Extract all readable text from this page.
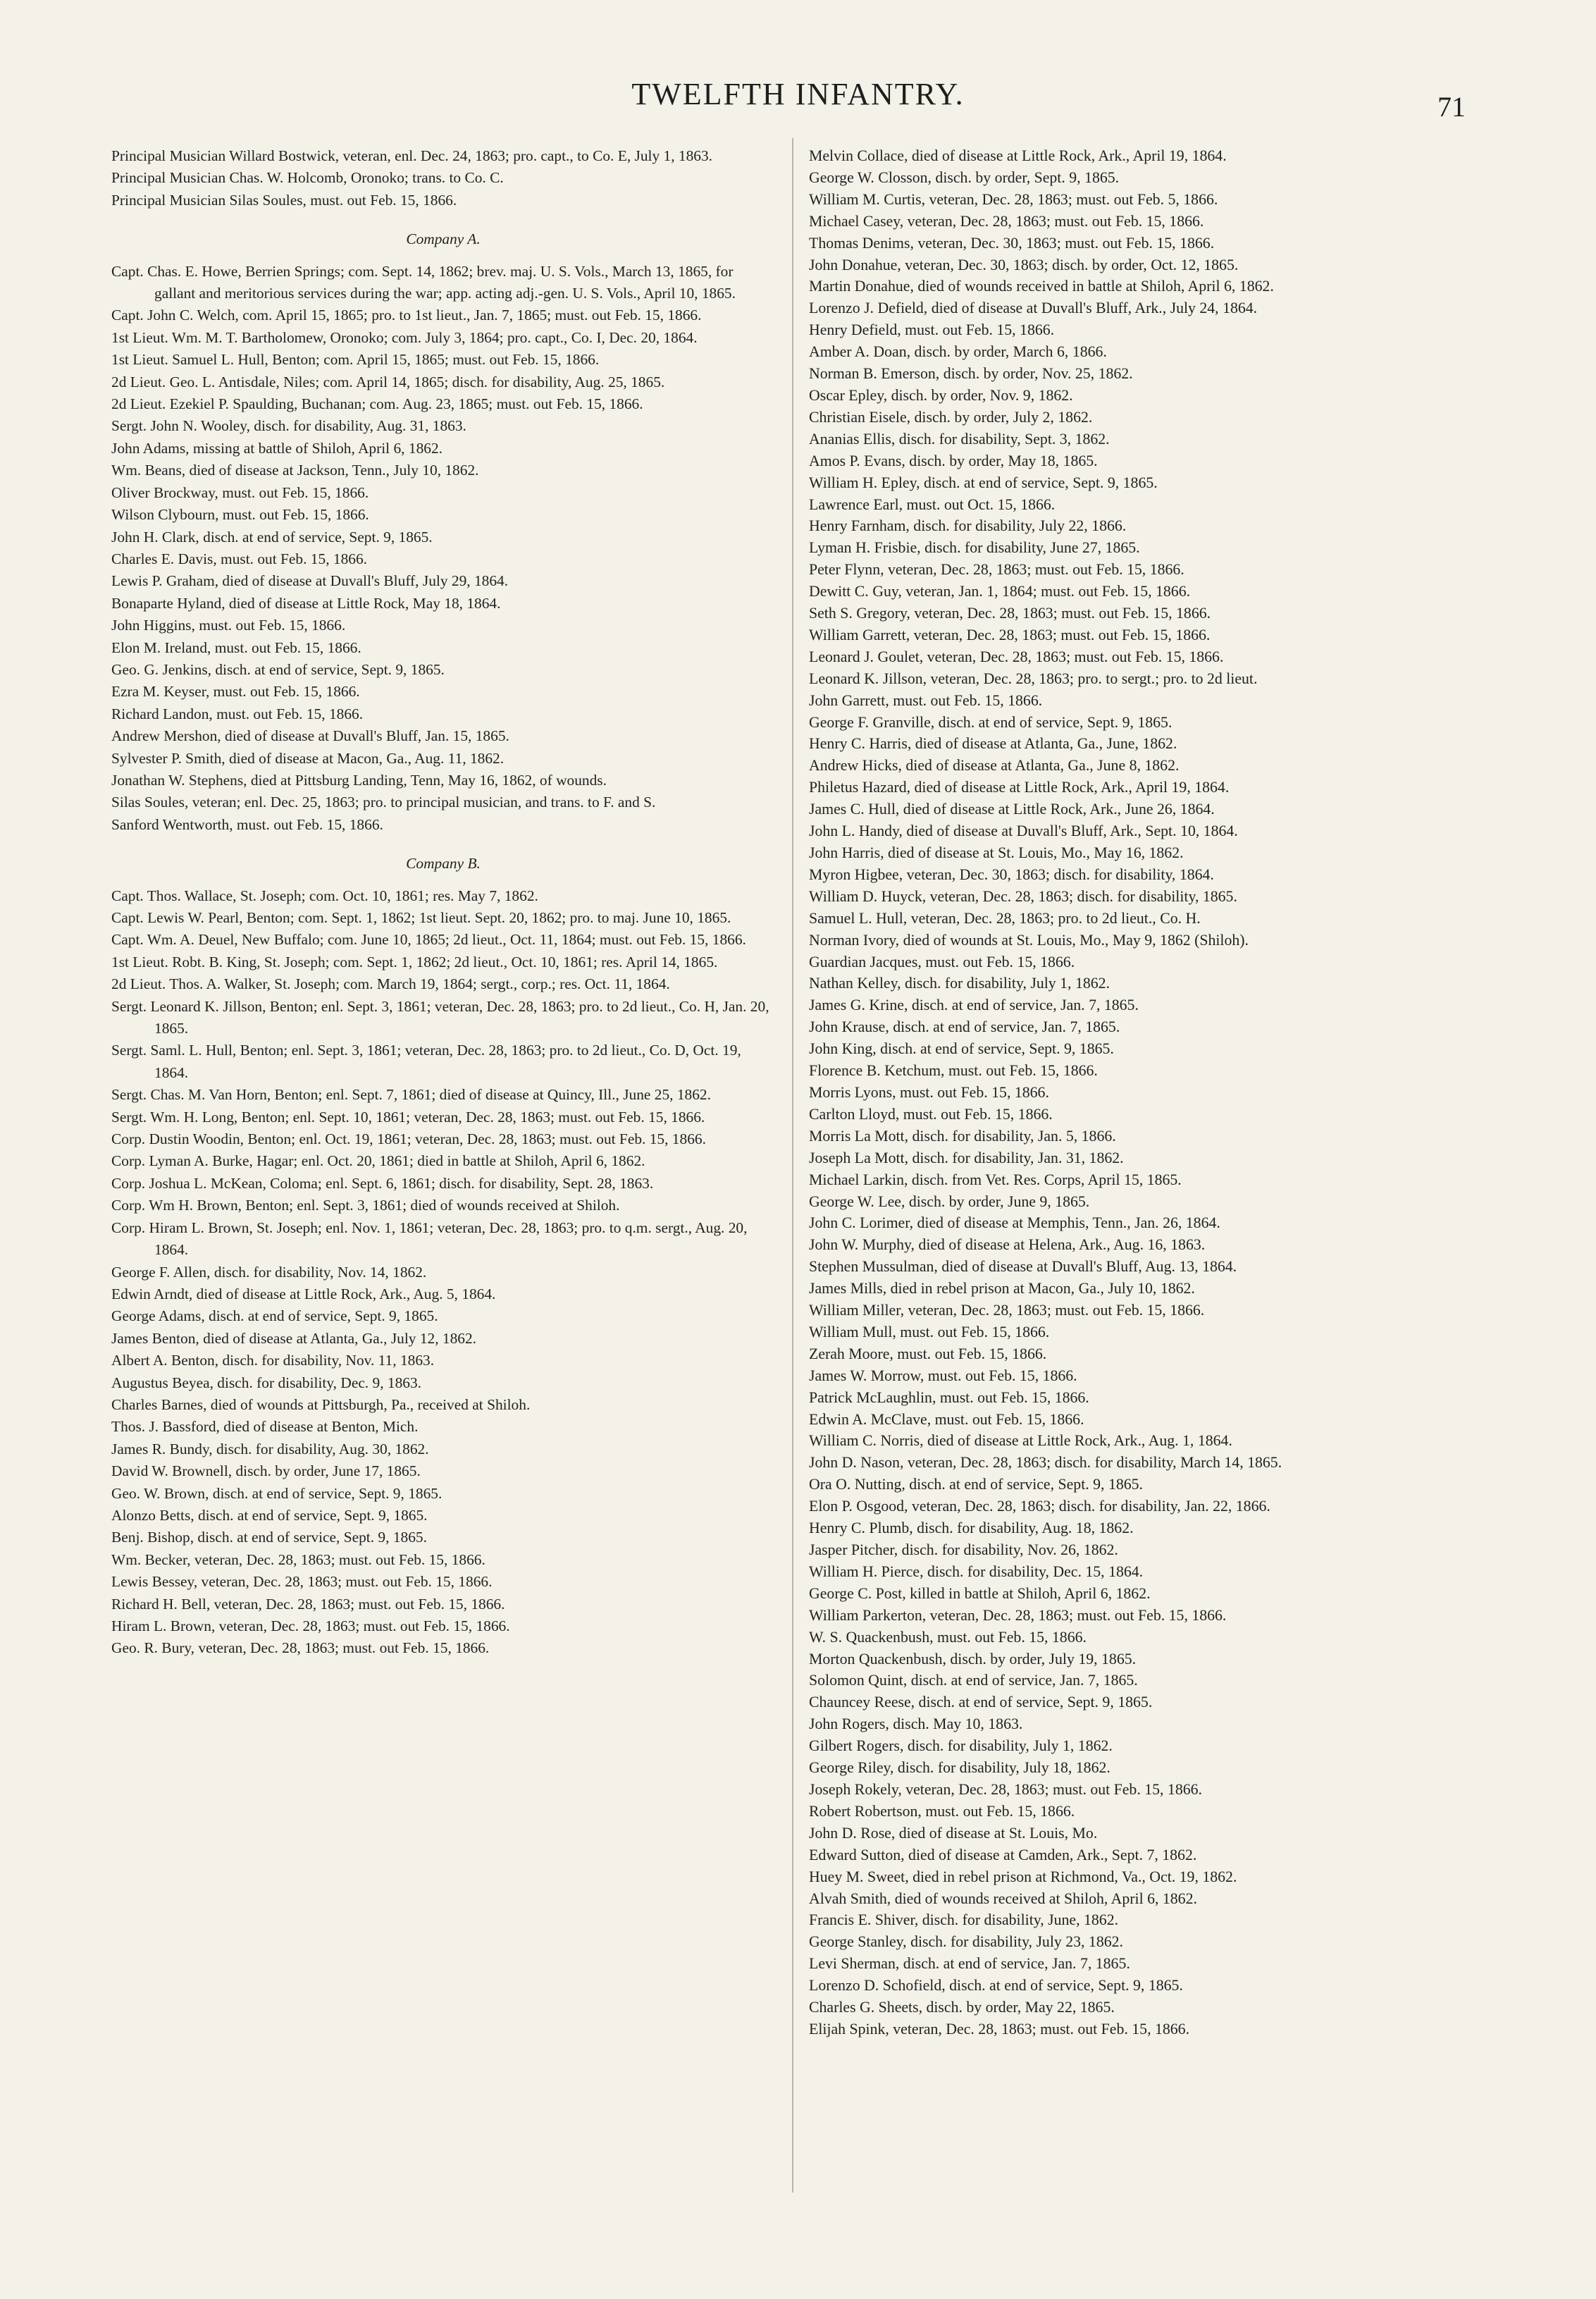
TWELFTH INFANTRY.	71

Principal Musician Willard Bostwick, veteran, enl. Dec. 24, 1863; pro. capt., to Co. E, July 1, 1863.

Principal Musician Chas. W. Holcomb, Oronoko; trans. to Co. C.

Principal Musician Silas Soules, must. out Feb. 15, 1866.

Company A.

Capt. Chas. E. Howe, Berrien Springs; com. Sept. 14, 1862; brev. maj. U. S. Vols., March 13, 1865, for gallant and meritorious services during the war; app. acting adj.-gen. U. S. Vols., April 10, 1865.

Capt. John C. Welch, com. April 15, 1865; pro. to 1st lieut., Jan. 7, 1865; must. out Feb. 15, 1866.

1st Lieut. Wm. M. T. Bartholomew, Oronoko; com. July 3, 1864; pro. capt., Co. I, Dec. 20, 1864.

1st Lieut. Samuel L. Hull, Benton; com. April 15, 1865; must. out Feb. 15, 1866.

2d Lieut. Geo. L. Antisdale, Niles; com. April 14, 1865; disch. for disability, Aug. 25, 1865.

2d Lieut. Ezekiel P. Spaulding, Buchanan; com. Aug. 23, 1865; must. out Feb. 15, 1866.

Sergt. John N. Wooley, disch. for disability, Aug. 31, 1863.

John Adams, missing at battle of Shiloh, April 6, 1862.

Wm. Beans, died of disease at Jackson, Tenn., July 10, 1862.

Oliver Brockway, must. out Feb. 15, 1866.

Wilson Clybourn, must. out Feb. 15, 1866.

John H. Clark, disch. at end of service, Sept. 9, 1865.

Charles E. Davis, must. out Feb. 15, 1866.

Lewis P. Graham, died of disease at Duvall's Bluff, July 29, 1864.

Bonaparte Hyland, died of disease at Little Rock, May 18, 1864.

John Higgins, must. out Feb. 15, 1866.

Elon M. Ireland, must. out Feb. 15, 1866.

Geo. G. Jenkins, disch. at end of service, Sept. 9, 1865.

Ezra M. Keyser, must. out Feb. 15, 1866.

Richard Landon, must. out Feb. 15, 1866.

Andrew Mershon, died of disease at Duvall's Bluff, Jan. 15, 1865.

Sylvester P. Smith, died of disease at Macon, Ga., Aug. 11, 1862.

Jonathan W. Stephens, died at Pittsburg Landing, Tenn, May 16, 1862, of wounds.

Silas Soules, veteran; enl. Dec. 25, 1863; pro. to principal musician, and trans. to F. and S.

Sanford Wentworth, must. out Feb. 15, 1866.

Company B.

Capt. Thos. Wallace, St. Joseph; com. Oct. 10, 1861; res. May 7, 1862.

Capt. Lewis W. Pearl, Benton; com. Sept. 1, 1862; 1st lieut. Sept. 20, 1862; pro. to maj. June 10, 1865.

Capt. Wm. A. Deuel, New Buffalo; com. June 10, 1865; 2d lieut., Oct. 11, 1864; must. out Feb. 15, 1866.

1st Lieut. Robt. B. King, St. Joseph; com. Sept. 1, 1862; 2d lieut., Oct. 10, 1861; res. April 14, 1865.

2d Lieut. Thos. A. Walker, St. Joseph; com. March 19, 1864; sergt., corp.; res. Oct. 11, 1864.

Sergt. Leonard K. Jillson, Benton; enl. Sept. 3, 1861; veteran, Dec. 28, 1863; pro. to 2d lieut., Co. H, Jan. 20, 1865.

Sergt. Saml. L. Hull, Benton; enl. Sept. 3, 1861; veteran, Dec. 28, 1863; pro. to 2d lieut., Co. D, Oct. 19, 1864.

Sergt. Chas. M. Van Horn, Benton; enl. Sept. 7, 1861; died of disease at Quincy, Ill., June 25, 1862.

Sergt. Wm. H. Long, Benton; enl. Sept. 10, 1861; veteran, Dec. 28, 1863; must. out Feb. 15, 1866.

Corp. Dustin Woodin, Benton; enl. Oct. 19, 1861; veteran, Dec. 28, 1863; must. out Feb. 15, 1866.

Corp. Lyman A. Burke, Hagar; enl. Oct. 20, 1861; died in battle at Shiloh, April 6, 1862.

Corp. Joshua L. McKean, Coloma; enl. Sept. 6, 1861; disch. for disability, Sept. 28, 1863.

Corp. Wm H. Brown, Benton; enl. Sept. 3, 1861; died of wounds received at Shiloh.

Corp. Hiram L. Brown, St. Joseph; enl. Nov. 1, 1861; veteran, Dec. 28, 1863; pro. to q.m. sergt., Aug. 20, 1864.

George F. Allen, disch. for disability, Nov. 14, 1862.

Edwin Arndt, died of disease at Little Rock, Ark., Aug. 5, 1864.

George Adams, disch. at end of service, Sept. 9, 1865.

James Benton, died of disease at Atlanta, Ga., July 12, 1862.

Albert A. Benton, disch. for disability, Nov. 11, 1863.

Augustus Beyea, disch. for disability, Dec. 9, 1863.

Charles Barnes, died of wounds at Pittsburgh, Pa., received at Shiloh.

Thos. J. Bassford, died of disease at Benton, Mich.

James R. Bundy, disch. for disability, Aug. 30, 1862.

David W. Brownell, disch. by order, June 17, 1865.

Geo. W. Brown, disch. at end of service, Sept. 9, 1865.

Alonzo Betts, disch. at end of service, Sept. 9, 1865.

Benj. Bishop, disch. at end of service, Sept. 9, 1865.

Wm. Becker, veteran, Dec. 28, 1863; must. out Feb. 15, 1866.

Lewis Bessey, veteran, Dec. 28, 1863; must. out Feb. 15, 1866.

Richard H. Bell, veteran, Dec. 28, 1863; must. out Feb. 15, 1866.

Hiram L. Brown, veteran, Dec. 28, 1863; must. out Feb. 15, 1866.

Geo. R. Bury, veteran, Dec. 28, 1863; must. out Feb. 15, 1866.

Melvin Collace, died of disease at Little Rock, Ark., April 19, 1864.

George W. Closson, disch. by order, Sept. 9, 1865.

William M. Curtis, veteran, Dec. 28, 1863; must. out Feb. 5, 1866.

Michael Casey, veteran, Dec. 28, 1863; must. out Feb. 15, 1866.

Thomas Denims, veteran, Dec. 30, 1863; must. out Feb. 15, 1866.

John Donahue, veteran, Dec. 30, 1863; disch. by order, Oct. 12, 1865.

Martin Donahue, died of wounds received in battle at Shiloh, April 6, 1862.

Lorenzo J. Defield, died of disease at Duvall's Bluff, Ark., July 24, 1864.

Henry Defield, must. out Feb. 15, 1866.

Amber A. Doan, disch. by order, March 6, 1866.

Norman B. Emerson, disch. by order, Nov. 25, 1862.

Oscar Epley, disch. by order, Nov. 9, 1862.

Christian Eisele, disch. by order, July 2, 1862.

Ananias Ellis, disch. for disability, Sept. 3, 1862.

Amos P. Evans, disch. by order, May 18, 1865.

William H. Epley, disch. at end of service, Sept. 9, 1865.

Lawrence Earl, must. out Oct. 15, 1866.

Henry Farnham, disch. for disability, July 22, 1866.

Lyman H. Frisbie, disch. for disability, June 27, 1865.

Peter Flynn, veteran, Dec. 28, 1863; must. out Feb. 15, 1866.

Dewitt C. Guy, veteran, Jan. 1, 1864; must. out Feb. 15, 1866.

Seth S. Gregory, veteran, Dec. 28, 1863; must. out Feb. 15, 1866.

William Garrett, veteran, Dec. 28, 1863; must. out Feb. 15, 1866.

Leonard J. Goulet, veteran, Dec. 28, 1863; must. out Feb. 15, 1866.

Leonard K. Jillson, veteran, Dec. 28, 1863; pro. to sergt.; pro. to 2d lieut.

John Garrett, must. out Feb. 15, 1866.

George F. Granville, disch. at end of service, Sept. 9, 1865.

Henry C. Harris, died of disease at Atlanta, Ga., June, 1862.

Andrew Hicks, died of disease at Atlanta, Ga., June 8, 1862.

Philetus Hazard, died of disease at Little Rock, Ark., April 19, 1864.

James C. Hull, died of disease at Little Rock, Ark., June 26, 1864.

John L. Handy, died of disease at Duvall's Bluff, Ark., Sept. 10, 1864.

John Harris, died of disease at St. Louis, Mo., May 16, 1862.

Myron Higbee, veteran, Dec. 30, 1863; disch. for disability, 1864.

William D. Huyck, veteran, Dec. 28, 1863; disch. for disability, 1865.

Samuel L. Hull, veteran, Dec. 28, 1863; pro. to 2d lieut., Co. H.

Norman Ivory, died of wounds at St. Louis, Mo., May 9, 1862 (Shiloh).

Guardian Jacques, must. out Feb. 15, 1866.

Nathan Kelley, disch. for disability, July 1, 1862.

James G. Krine, disch. at end of service, Jan. 7, 1865.

John Krause, disch. at end of service, Jan. 7, 1865.

John King, disch. at end of service, Sept. 9, 1865.

Florence B. Ketchum, must. out Feb. 15, 1866.

Morris Lyons, must. out Feb. 15, 1866.

Carlton Lloyd, must. out Feb. 15, 1866.

Morris La Mott, disch. for disability, Jan. 5, 1866.

Joseph La Mott, disch. for disability, Jan. 31, 1862.

Michael Larkin, disch. from Vet. Res. Corps, April 15, 1865.

George W. Lee, disch. by order, June 9, 1865.

John C. Lorimer, died of disease at Memphis, Tenn., Jan. 26, 1864.

John W. Murphy, died of disease at Helena, Ark., Aug. 16, 1863.

Stephen Mussulman, died of disease at Duvall's Bluff, Aug. 13, 1864.

James Mills, died in rebel prison at Macon, Ga., July 10, 1862.

William Miller, veteran, Dec. 28, 1863; must. out Feb. 15, 1866.

William Mull, must. out Feb. 15, 1866.

Zerah Moore, must. out Feb. 15, 1866.

James W. Morrow, must. out Feb. 15, 1866.

Patrick McLaughlin, must. out Feb. 15, 1866.

Edwin A. McClave, must. out Feb. 15, 1866.

William C. Norris, died of disease at Little Rock, Ark., Aug. 1, 1864.

John D. Nason, veteran, Dec. 28, 1863; disch. for disability, March 14, 1865.

Ora O. Nutting, disch. at end of service, Sept. 9, 1865.

Elon P. Osgood, veteran, Dec. 28, 1863; disch. for disability, Jan. 22, 1866.

Henry C. Plumb, disch. for disability, Aug. 18, 1862.

Jasper Pitcher, disch. for disability, Nov. 26, 1862.

William H. Pierce, disch. for disability, Dec. 15, 1864.

George C. Post, killed in battle at Shiloh, April 6, 1862.

William Parkerton, veteran, Dec. 28, 1863; must. out Feb. 15, 1866.

W. S. Quackenbush, must. out Feb. 15, 1866.

Morton Quackenbush, disch. by order, July 19, 1865.

Solomon Quint, disch. at end of service, Jan. 7, 1865.

Chauncey Reese, disch. at end of service, Sept. 9, 1865.

John Rogers, disch. May 10, 1863.

Gilbert Rogers, disch. for disability, July 1, 1862.

George Riley, disch. for disability, July 18, 1862.

Joseph Rokely, veteran, Dec. 28, 1863; must. out Feb. 15, 1866.

Robert Robertson, must. out Feb. 15, 1866.

John D. Rose, died of disease at St. Louis, Mo.

Edward Sutton, died of disease at Camden, Ark., Sept. 7, 1862.

Huey M. Sweet, died in rebel prison at Richmond, Va., Oct. 19, 1862.

Alvah Smith, died of wounds received at Shiloh, April 6, 1862.

Francis E. Shiver, disch. for disability, June, 1862.

George Stanley, disch. for disability, July 23, 1862.

Levi Sherman, disch. at end of service, Jan. 7, 1865.

Lorenzo D. Schofield, disch. at end of service, Sept. 9, 1865.

Charles G. Sheets, disch. by order, May 22, 1865.

Elijah Spink, veteran, Dec. 28, 1863; must. out Feb. 15, 1866.
